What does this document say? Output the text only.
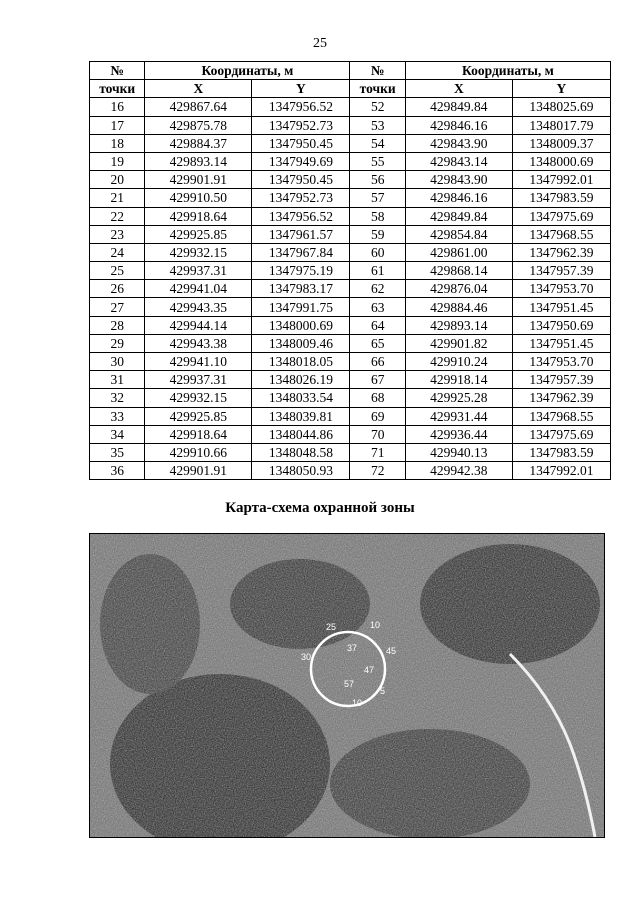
25
№	Координаты, м		№	Координаты, м	
точки	X	Y	точки	X	Y
16	429867.64	1347956.52	52	429849.84	1348025.69
17	429875.78	1347952.73	53	429846.16	1348017.79
18	429884.37	1347950.45	54	429843.90	1348009.37
19	429893.14	1347949.69	55	429843.14	1348000.69
20	429901.91	1347950.45	56	429843.90	1347992.01
21	429910.50	1347952.73	57	429846.16	1347983.59
22	429918.64	1347956.52	58	429849.84	1347975.69
23	429925.85	1347961.57	59	429854.84	1347968.55
24	429932.15	1347967.84	60	429861.00	1347962.39
25	429937.31	1347975.19	61	429868.14	1347957.39
26	429941.04	1347983.17	62	429876.04	1347953.70
27	429943.35	1347991.75	63	429884.46	1347951.45
28	429944.14	1348000.69	64	429893.14	1347950.69
29	429943.38	1348009.46	65	429901.82	1347951.45
30	429941.10	1348018.05	66	429910.24	1347953.70
31	429937.31	1348026.19	67	429918.14	1347957.39
32	429932.15	1348033.54	68	429925.28	1347962.39
33	429925.85	1348039.81	69	429931.44	1347968.55
34	429918.64	1348044.86	70	429936.44	1347975.69
35	429910.66	1348048.58	71	429940.13	1347983.59
36	429901.91	1348050.93	72	429942.38	1347992.01
Карта-схема охранной зоны
25	10
30
45
37
47
57
5
10
